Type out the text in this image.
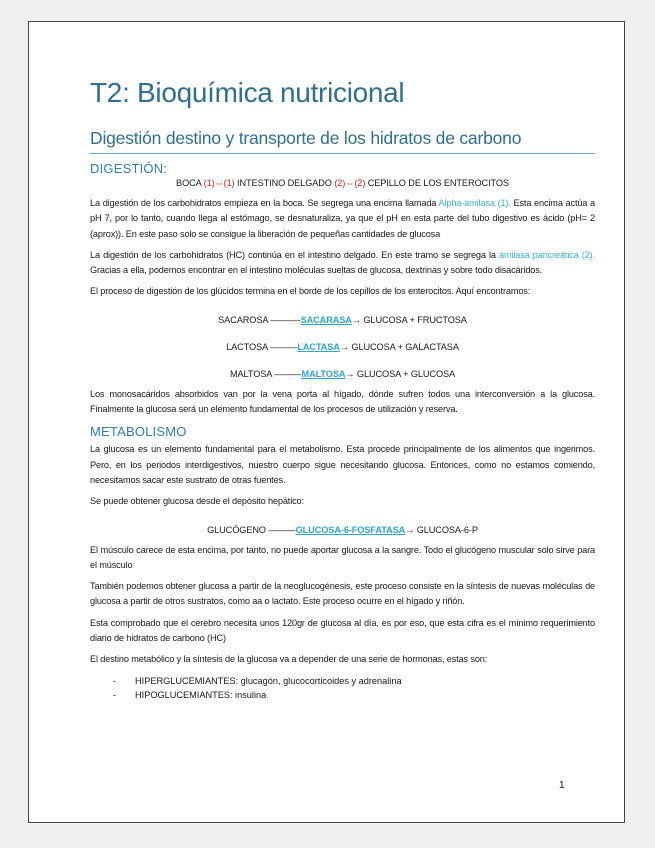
T2: Bioquímica nutricional
Digestión destino y transporte de los hidratos de carbono
DIGESTIÓN:
BOCA (1)⇔(1) INTESTINO DELGADO (2)⇔(2) CEPILLO DE LOS ENTEROCITOS

La digestión de los carbohidratos empieza en la boca. Se segrega una encima llamada Alpha-amilasa (1). Esta encima actúa a pH 7, por lo tanto, cuando llega al estómago, se desnaturaliza, ya que el pH en esta parte del tubo digestivo es ácido (pH= 2 (aprox)). En este paso solo se consigue la liberación de pequeñas cantidades de glucosa

La digestión de los carbohidratos (HC) continúa en el intestino delgado. En este tramo se segrega la amilasa pancreática (2). Gracias a ella, podemos encontrar en el intestino moléculas sueltas de glucosa, dextrinas y sobre todo disacáridos.

El proceso de digestión de los glúcidos termina en el borde de los cepillos de los enterocitos. Aquí encontramos:

SACAROSA ———-SACARASA→ GLUCOSA + FRUCTOSA
LACTOSA ———LACTASA→ GLUCOSA + GALACTASA
MALTOSA ———MALTOSA→ GLUCOSA + GLUCOSA

Los monosacáridos absorbidos van por la vena porta al hígado, dónde sufren todos una interconversión a la glucosa. Finalmente la glucosa será un elemento fundamental de los procesos de utilización y reserva.

METABOLISMO

La glucosa es un elemento fundamental para el metabolismo. Esta procede principalmente de los alimentos que ingerimos. Pero, en los periodos interdigestivos, nuestro cuerpo sigue necesitando glucosa. Entonces, como no estamos comiendo, necesitamos sacar este sustrato de otras fuentes.

Se puede obtener glucosa desde el depósito hepático:

GLUCÓGENO ———GLUCOSA-6-FOSFATASA→ GLUCOSA-6-P

El músculo carece de esta encima, por tanto, no puede aportar glucosa a la sangre. Todo el glucógeno muscular solo sirve para el músculo

También podemos obtener glucosa a partir de la neoglucogénesis, este proceso consiste en la síntesis de nuevas moléculas de glucosa a partir de otros sustratos, como aa o lactato. Este proceso ocurre en el hígado y riñón.

Esta comprobado que el cerebro necesita unos 120gr de glucosa al día, es por eso, que esta cifra es el mínimo requerimiento diario de hidratos de carbono (HC)

El destino metabólico y la síntesis de la glucosa va a depender de una serie de hormonas, estas son:

- HIPERGLUCEMIANTES: glucagón, glucocorticoides y adrenalina
- HIPOGLUCEMIANTES: insulina
1
